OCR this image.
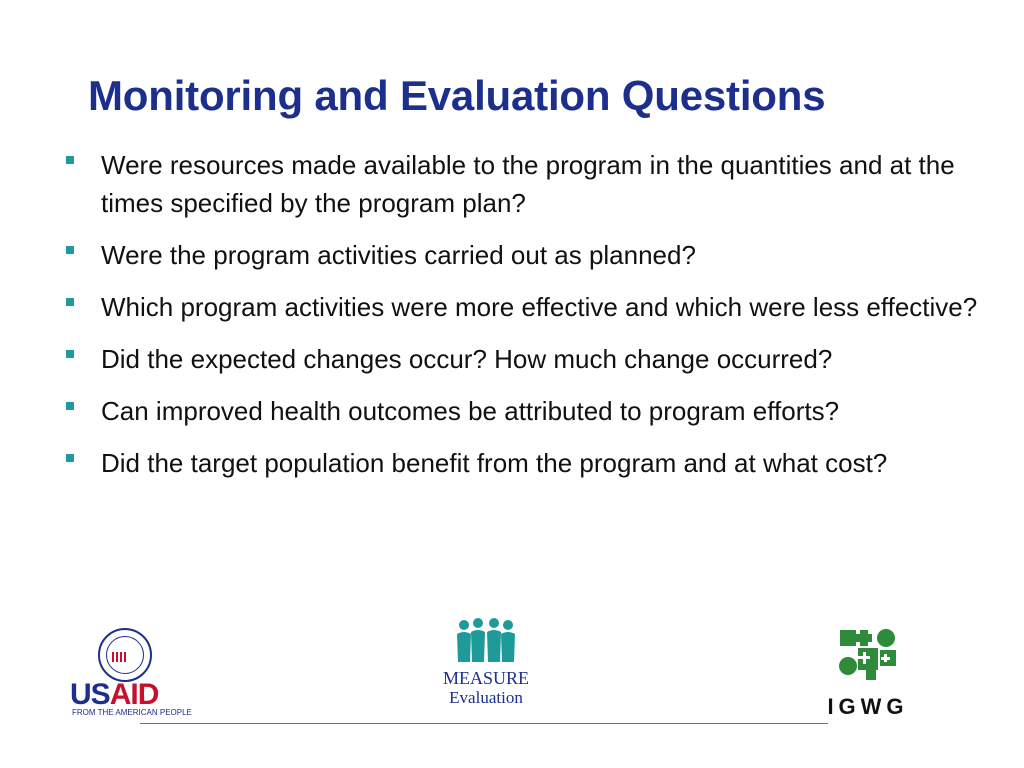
Monitoring and Evaluation Questions
Were resources made available to the program in the quantities and at the times specified by the program plan?
Were the program activities carried out as planned?
Which program activities were more effective and which were less effective?
Did the expected changes occur? How much change occurred?
Can improved health outcomes be attributed to program efforts?
Did the target population benefit from the program and at what cost?
USAID
FROM THE AMERICAN PEOPLE
MEASURE
Evaluation	IGWG
